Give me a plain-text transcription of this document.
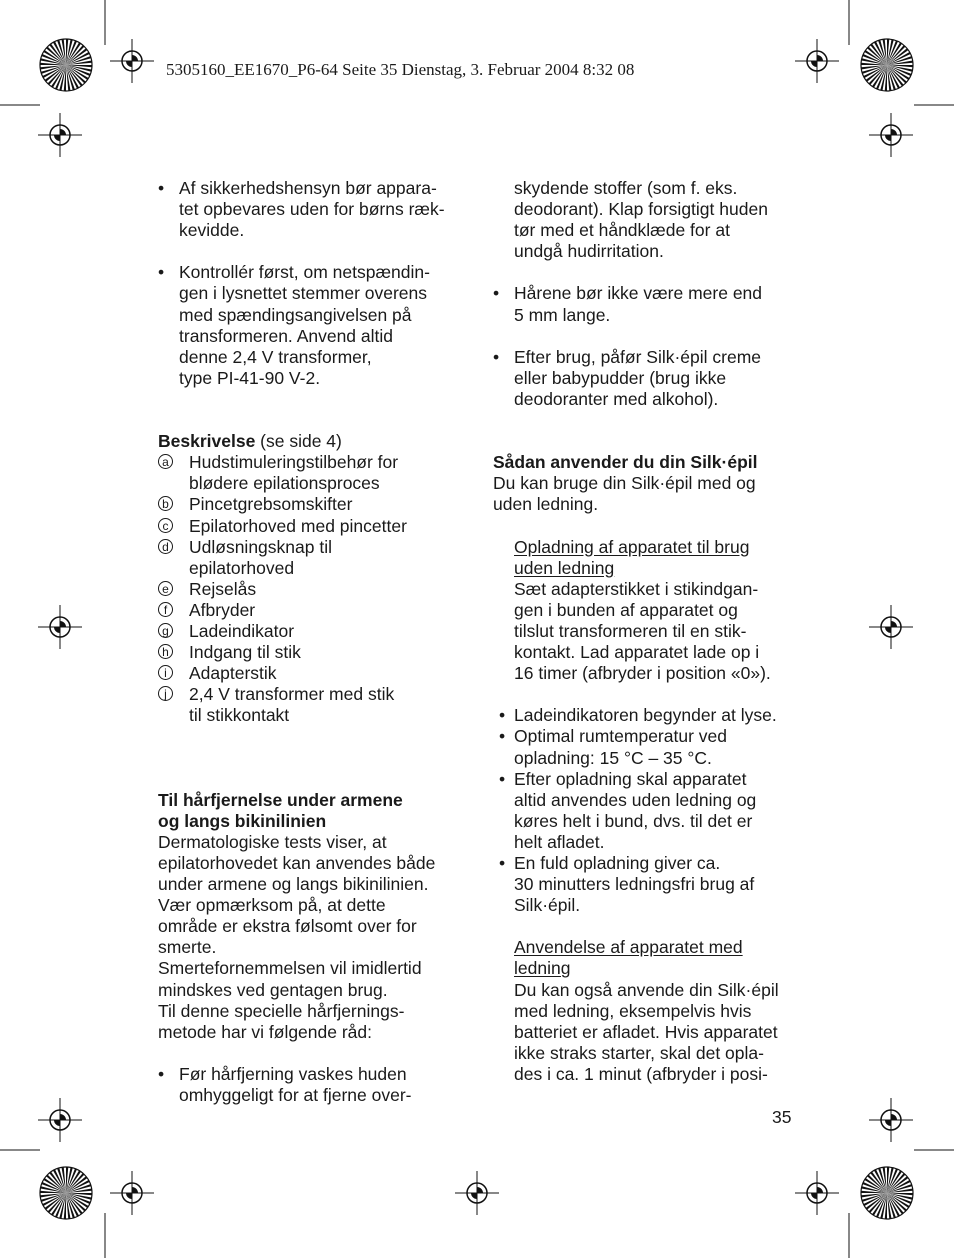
5305160_EE1670_P6-64 Seite 35 Dienstag, 3. Februar 2004 8:32 08
• Af sikkerhedshensyn bør appara-
tet opbevares uden for børns ræk-
kevidde.
• Kontrollér først, om netspændin-
gen i lysnettet stemmer overens
med spændingsangivelsen på
transformeren. Anvend altid
denne 2,4 V transformer,
type PI-41-90 V-2.
Beskrivelse (se side 4)
a Hudstimuleringstilbehør for
blødere epilationsproces
b Pincetgrebsomskifter
c Epilatorhoved med pincetter
d Udløsningsknap til
epilatorhoved
e Rejselås
f	Afbryder
g Ladeindikator
h Indgang til stik
i	Adapterstik
j	2,4 V transformer med stik
til stikkontakt
Til hårfjernelse under armene
og langs bikinilinien
Dermatologiske tests viser, at
epilatorhovedet kan anvendes både
under armene og langs bikinilinien.
Vær opmærksom på, at dette
område er ekstra følsomt over for
smerte.
Smertefornemmelsen vil imidlertid
mindskes ved gentagen brug.
Til denne specielle hårfjernings-
metode har vi følgende råd:
• Før hårfjerning vaskes huden
omhyggeligt for at fjerne over-
skydende stoffer (som f. eks.
deodorant). Klap forsigtigt huden
tør med et håndklæde for at
undgå hudirritation.
• Hårene bør ikke være mere end
5 mm lange.
• Efter brug, påfør Silk·épil creme
eller babypudder (brug ikke
deodoranter med alkohol).
Sådan anvender du din Silk·épil
Du kan bruge din Silk·épil med og
uden ledning.
Opladning af apparatet til brug
uden ledning
Sæt adapterstikket i stikindgan-
gen i bunden af apparatet og
tilslut transformeren til en stik-
kontakt. Lad apparatet lade op i
16 timer (afbryder i position «0»).
• Ladeindikatoren begynder at lyse.
• Optimal rumtemperatur ved
opladning: 15 °C – 35 °C.
• Efter opladning skal apparatet
altid anvendes uden ledning og
køres helt i bund, dvs. til det er
helt afladet.
• En fuld opladning giver ca.
30 minutters ledningsfri brug af
Silk·épil.
Anvendelse af apparatet med
ledning
Du kan også anvende din Silk·épil
med ledning, eksempelvis hvis
batteriet er afladet. Hvis apparatet
ikke straks starter, skal det opla-
des i ca. 1 minut (afbryder i posi-
35
